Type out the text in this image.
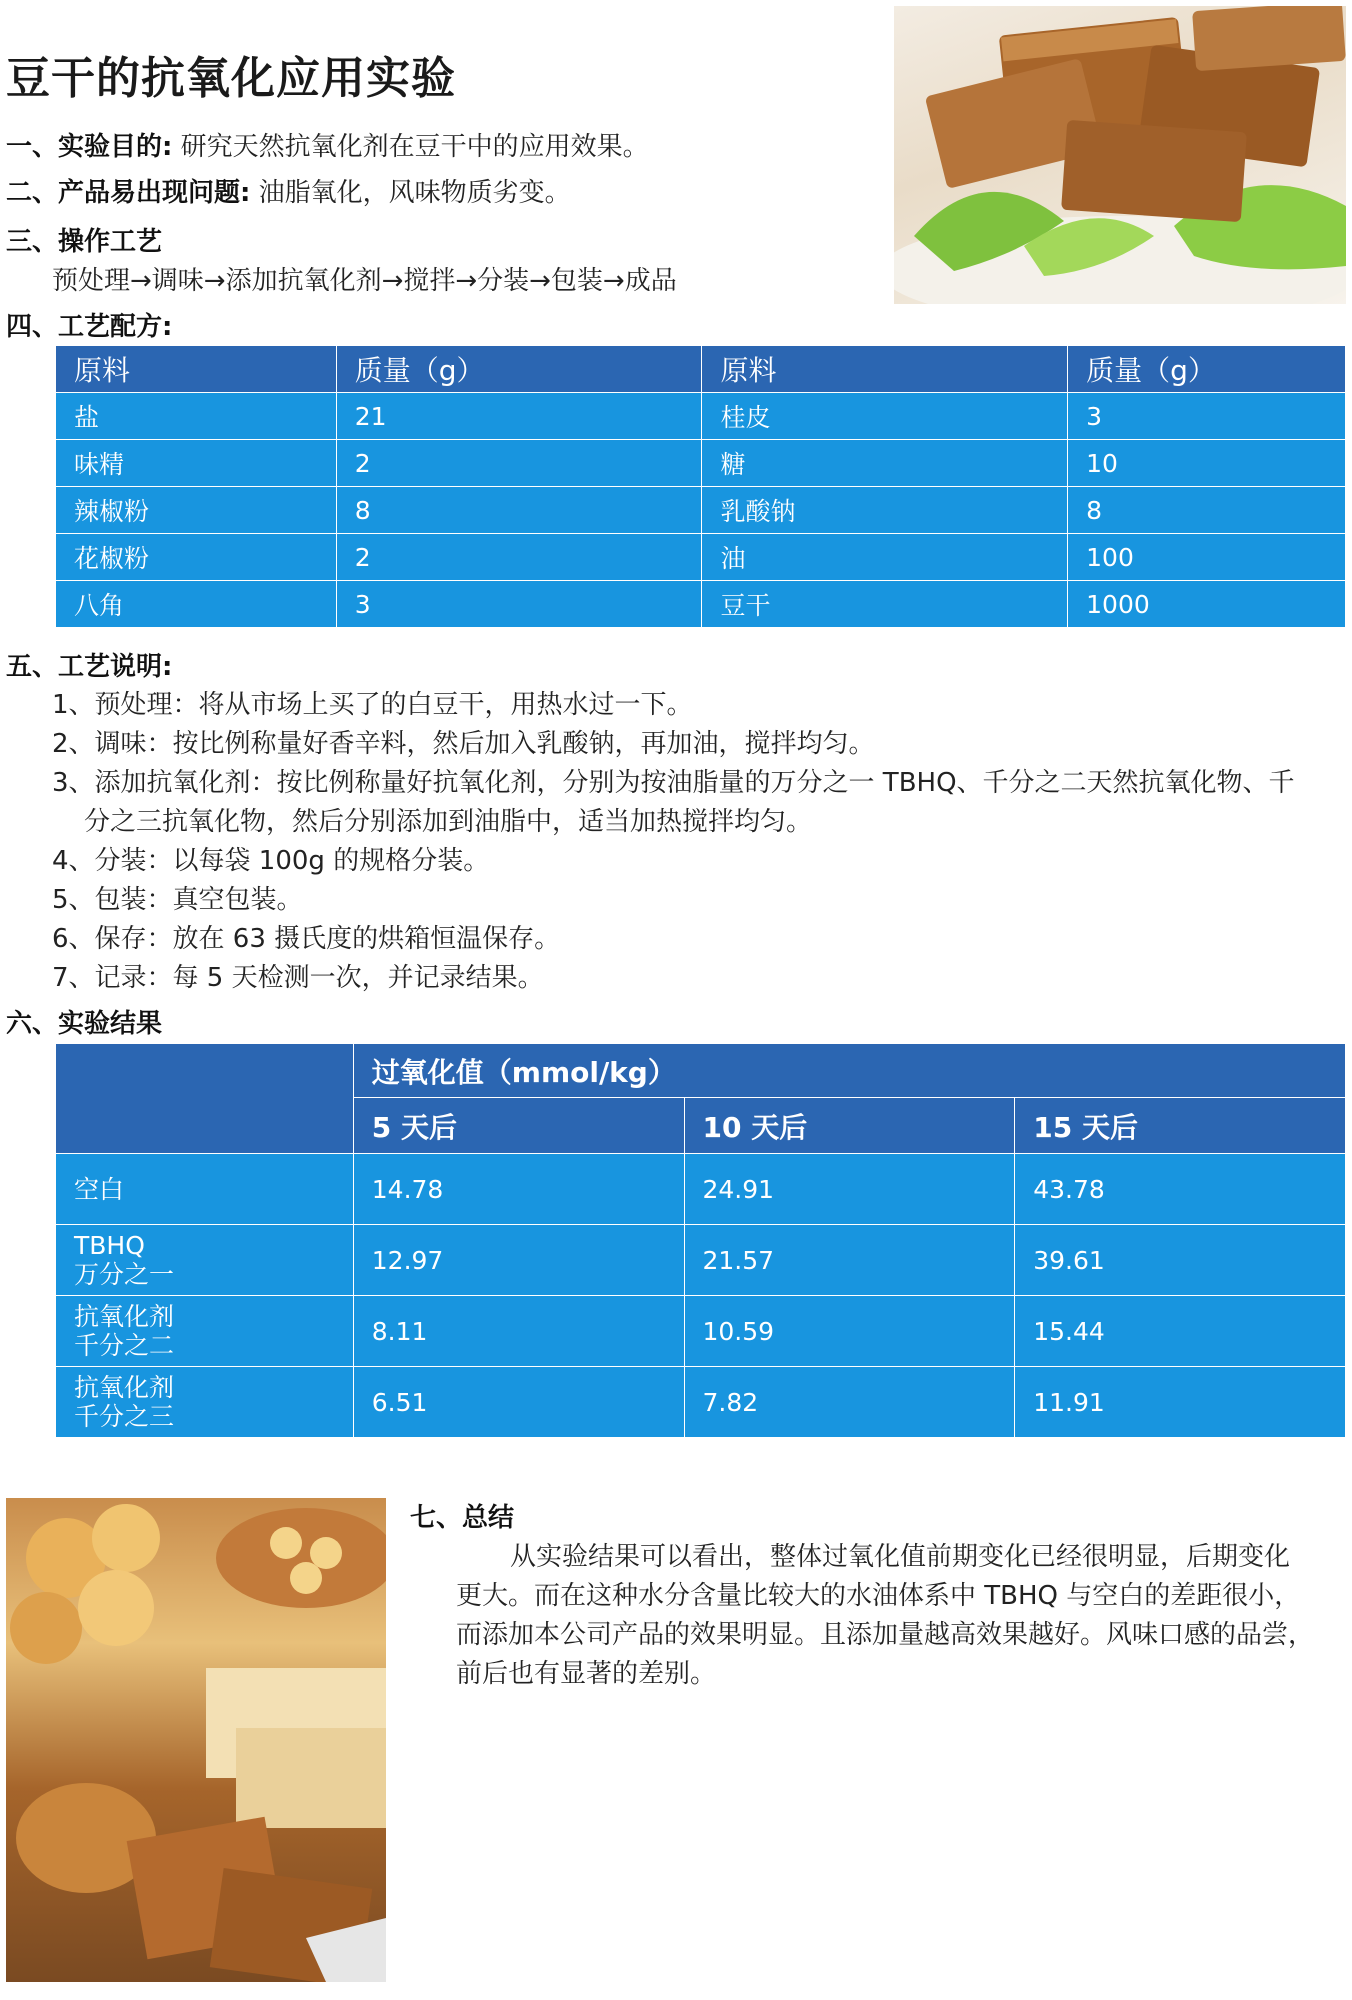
豆干的抗氧化应用实验
一、实验目的: 研究天然抗氧化剂在豆干中的应用效果。
二、产品易出现问题: 油脂氧化，风味物质劣变。
三、操作工艺
预处理→调味→添加抗氧化剂→搅拌→分装→包装→成品
四、工艺配方:
原料	质量（g）	原料	质量（g）
盐	21	桂皮	3
味精	2	糖	10
辣椒粉	8	乳酸钠	8
花椒粉	2	油	100
八角	3	豆干	1000
五、工艺说明:
1、预处理：将从市场上买了的白豆干，用热水过一下。
2、调味：按比例称量好香辛料，然后加入乳酸钠，再加油，搅拌均匀。
3、添加抗氧化剂：按比例称量好抗氧化剂，分别为按油脂量的万分之一 TBHQ、千分之二天然抗氧化物、千
分之三抗氧化物，然后分别添加到油脂中，适当加热搅拌均匀。
4、分装：以每袋 100g 的规格分装。
5、包装：真空包装。
6、保存：放在 63 摄氏度的烘箱恒温保存。
7、记录：每 5 天检测一次，并记录结果。
六、实验结果
	过氧化值（mmol/kg）		
	5 天后	10 天后	15 天后

空白	14.78	24.91	43.78

TBHQ
万分之一	12.97	21.57	39.61

抗氧化剂
千分之二	8.11	10.59	15.44

抗氧化剂
千分之三	6.51	7.82	11.91
七、总结
从实验结果可以看出，整体过氧化值前期变化已经很明显，后期变化
更大。而在这种水分含量比较大的水油体系中 TBHQ 与空白的差距很小，
而添加本公司产品的效果明显。且添加量越高效果越好。风味口感的品尝，
前后也有显著的差别。
